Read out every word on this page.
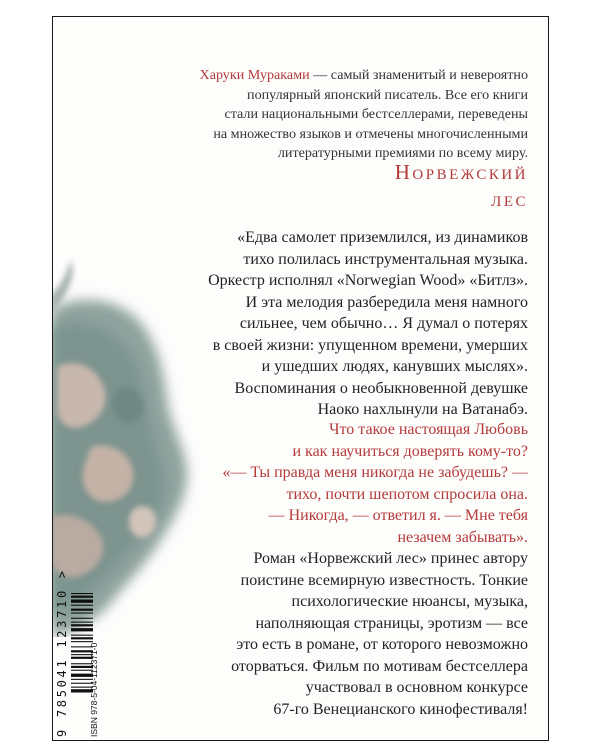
Харуки Мураками — самый знаменитый и невероятно
популярный японский писатель. Все его книги
стали национальными бестселлерами, переведены
на множество языков и отмечены многочисленными
литературными премиями по всему миру.
Норвежский
лес
«Едва самолет приземлился, из динамиков
тихо полилась инструментальная музыка.
Оркестр исполнял «Norwegian Wood» «Битлз».
И эта мелодия разбередила меня намного
сильнее, чем обычно… Я думал о потерях
в своей жизни: упущенном времени, умерших
и ушедших людях, канувших мыслях».
Воспоминания о необыкновенной девушке
Наоко нахлынули на Ватанабэ.
Что такое настоящая Любовь
и как научиться доверять кому-то?
«— Ты правда меня никогда не забудешь? —
тихо, почти шепотом спросила она.
— Никогда, — ответил я. — Мне тебя
незачем забывать».
Роман «Норвежский лес» принес автору
поистине всемирную известность. Тонкие
психологические нюансы, музыка,
наполняющая страницы, эротизм — все
это есть в романе, от которого невозможно
оторваться. Фильм по мотивам бестселлера
участвовал в основном конкурсе
67-го Венецианского кинофестиваля!
9 785041 123710 > ISBN 978-5-04-112371-0
